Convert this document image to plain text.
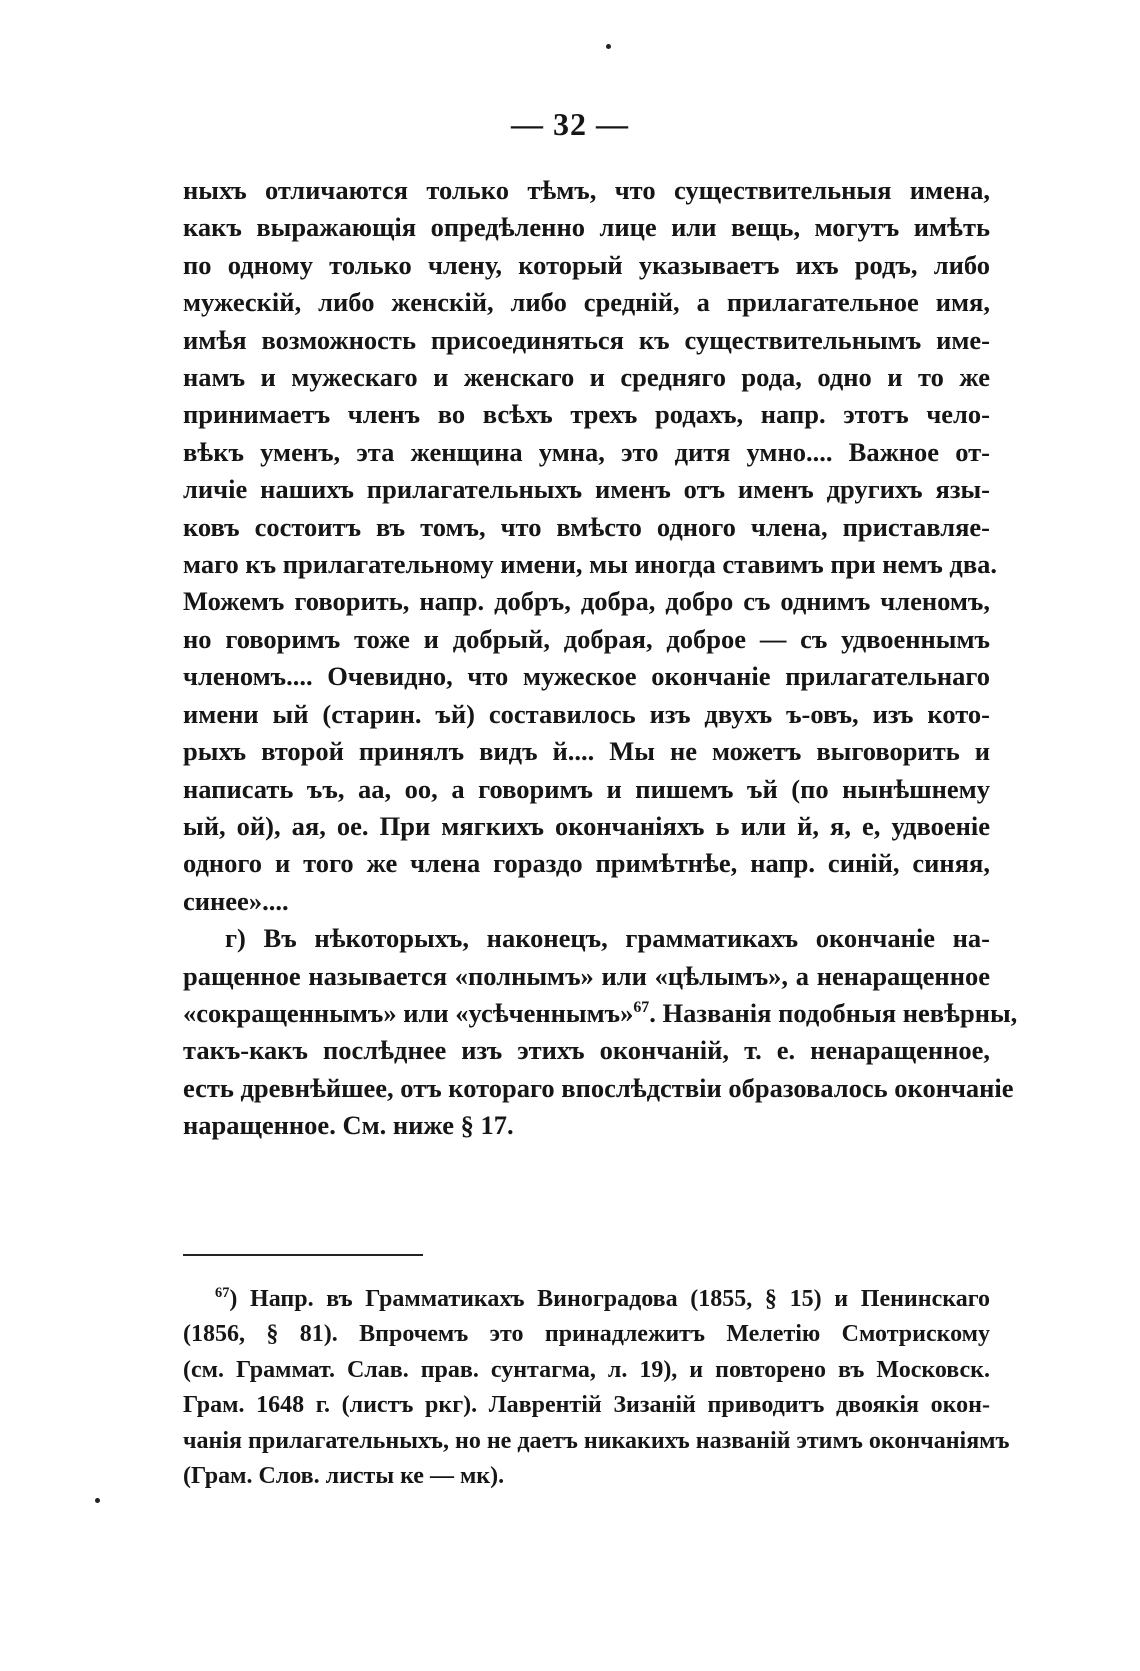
— 32 —
ныхъ отличаются только тѣмъ, что существительныя имена,
какъ выражающія опредѣленно лице или вещь, могутъ имѣть
по одному только члену, который указываетъ ихъ родъ, либо
мужескій, либо женскій, либо средній, а прилагательное имя,
имѣя возможность присоединяться къ существительнымъ име-
намъ и мужескаго и женскаго и средняго рода, одно и то же
принимаетъ членъ во всѣхъ трехъ родахъ, напр. этотъ чело-
вѣкъ уменъ, эта женщина умна, это дитя умно.... Важное от-
личіе нашихъ прилагательныхъ именъ отъ именъ другихъ язы-
ковъ состоитъ въ томъ, что вмѣсто одного члена, приставляе-
маго къ прилагательному имени, мы иногда ставимъ при немъ два.
Можемъ говорить, напр. добръ, добра, добро съ однимъ членомъ,
но говоримъ тоже и добрый, добрая, доброе — съ удвоеннымъ
членомъ.... Очевидно, что мужеское окончаніе прилагательнаго
имени ый (старин. ъй) составилось изъ двухъ ъ-овъ, изъ кото-
рыхъ второй принялъ видъ й.... Мы не можетъ выговорить и
написать ъъ, аа, оо, а говоримъ и пишемъ ъй (по нынѣшнему
ый, ой), ая, ое. При мягкихъ окончаніяхъ ь или й, я, е, удвоеніе
одного и того же члена гораздо примѣтнѣе, напр. синій, синяя,
синее»....
г) Въ нѣкоторыхъ, наконецъ, грамматикахъ окончаніе на-
ращенное называется «полнымъ» или «цѣлымъ», а ненаращенное
«сокращеннымъ» или «усѣченнымъ»$^{67}$. Названія подобныя невѣрны,
такъ-какъ послѣднее изъ этихъ окончаній, т. е. ненаращенное,
есть древнѣйшее, отъ котораго впослѣдствіи образовалось окончаніе
наращенное. См. ниже § 17.
$^{67}$) Напр. въ Грамматикахъ Виноградова (1855, § 15) и Пенинскаго
(1856, § 81). Впрочемъ это принадлежитъ Мелетію Смотрискому
(см. Граммат. Слав. прав. сунтагма, л. 19), и повторено въ Московск.
Грам. 1648 г. (листъ ркг). Лаврентій Зизаній приводитъ двоякія окон-
чанія прилагательныхъ, но не даетъ никакихъ названій этимъ окончаніямъ
(Грам. Слов. листы ке — мк).
